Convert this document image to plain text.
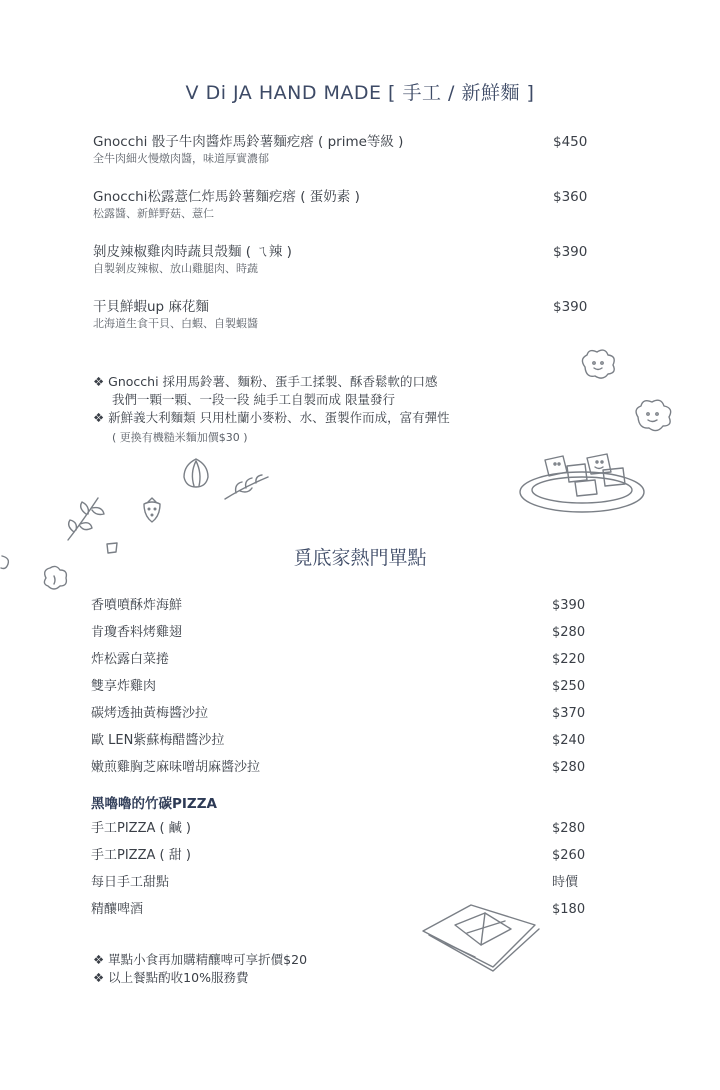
V Di JA HAND MADE [ 手工 / 新鮮麵 ]
Gnocchi 骰子牛肉醬炸馬鈴薯麵疙瘩 ( prime等級 )
全牛肉細火慢燉肉醬，味道厚實濃郁
$450
Gnocchi松露薏仁炸馬鈴薯麵疙瘩 ( 蛋奶素 )
松露醬、新鮮野菇、薏仁
$360
剝皮辣椒雞肉時蔬貝殼麵 ( ㄟ辣 )
自製剝皮辣椒、放山雞腿肉、時蔬
$390
干貝鮮蝦up 麻花麵
北海道生食干貝、白蝦、自製蝦醬
$390
❖ Gnocchi 採用馬鈴薯、麵粉、蛋手工揉製、酥香鬆軟的口感
我們一顆一顆、一段一段 純手工自製而成 限量發行
❖ 新鮮義大利麵類 只用杜蘭小麥粉、水、蛋製作而成，富有彈性
( 更換有機糙米麵加價$30 )
覓底家熱門單點
香噴噴酥炸海鮮	$390
肯瓊香料烤雞翅	$280
炸松露白菜捲	$220
雙享炸雞肉	$250
碳烤透抽黃梅醬沙拉	$370
歐 LEN紫蘇梅醋醬沙拉	$240
嫩煎雞胸芝麻味噌胡麻醬沙拉	$280
黑嚕嚕的竹碳PIZZA
手工PIZZA ( 鹹 )	$280
手工PIZZA ( 甜 )	$260
每日手工甜點	時價
精釀啤酒	$180
❖ 單點小食再加購精釀啤可享折價$20
❖ 以上餐點酌收10%服務費
